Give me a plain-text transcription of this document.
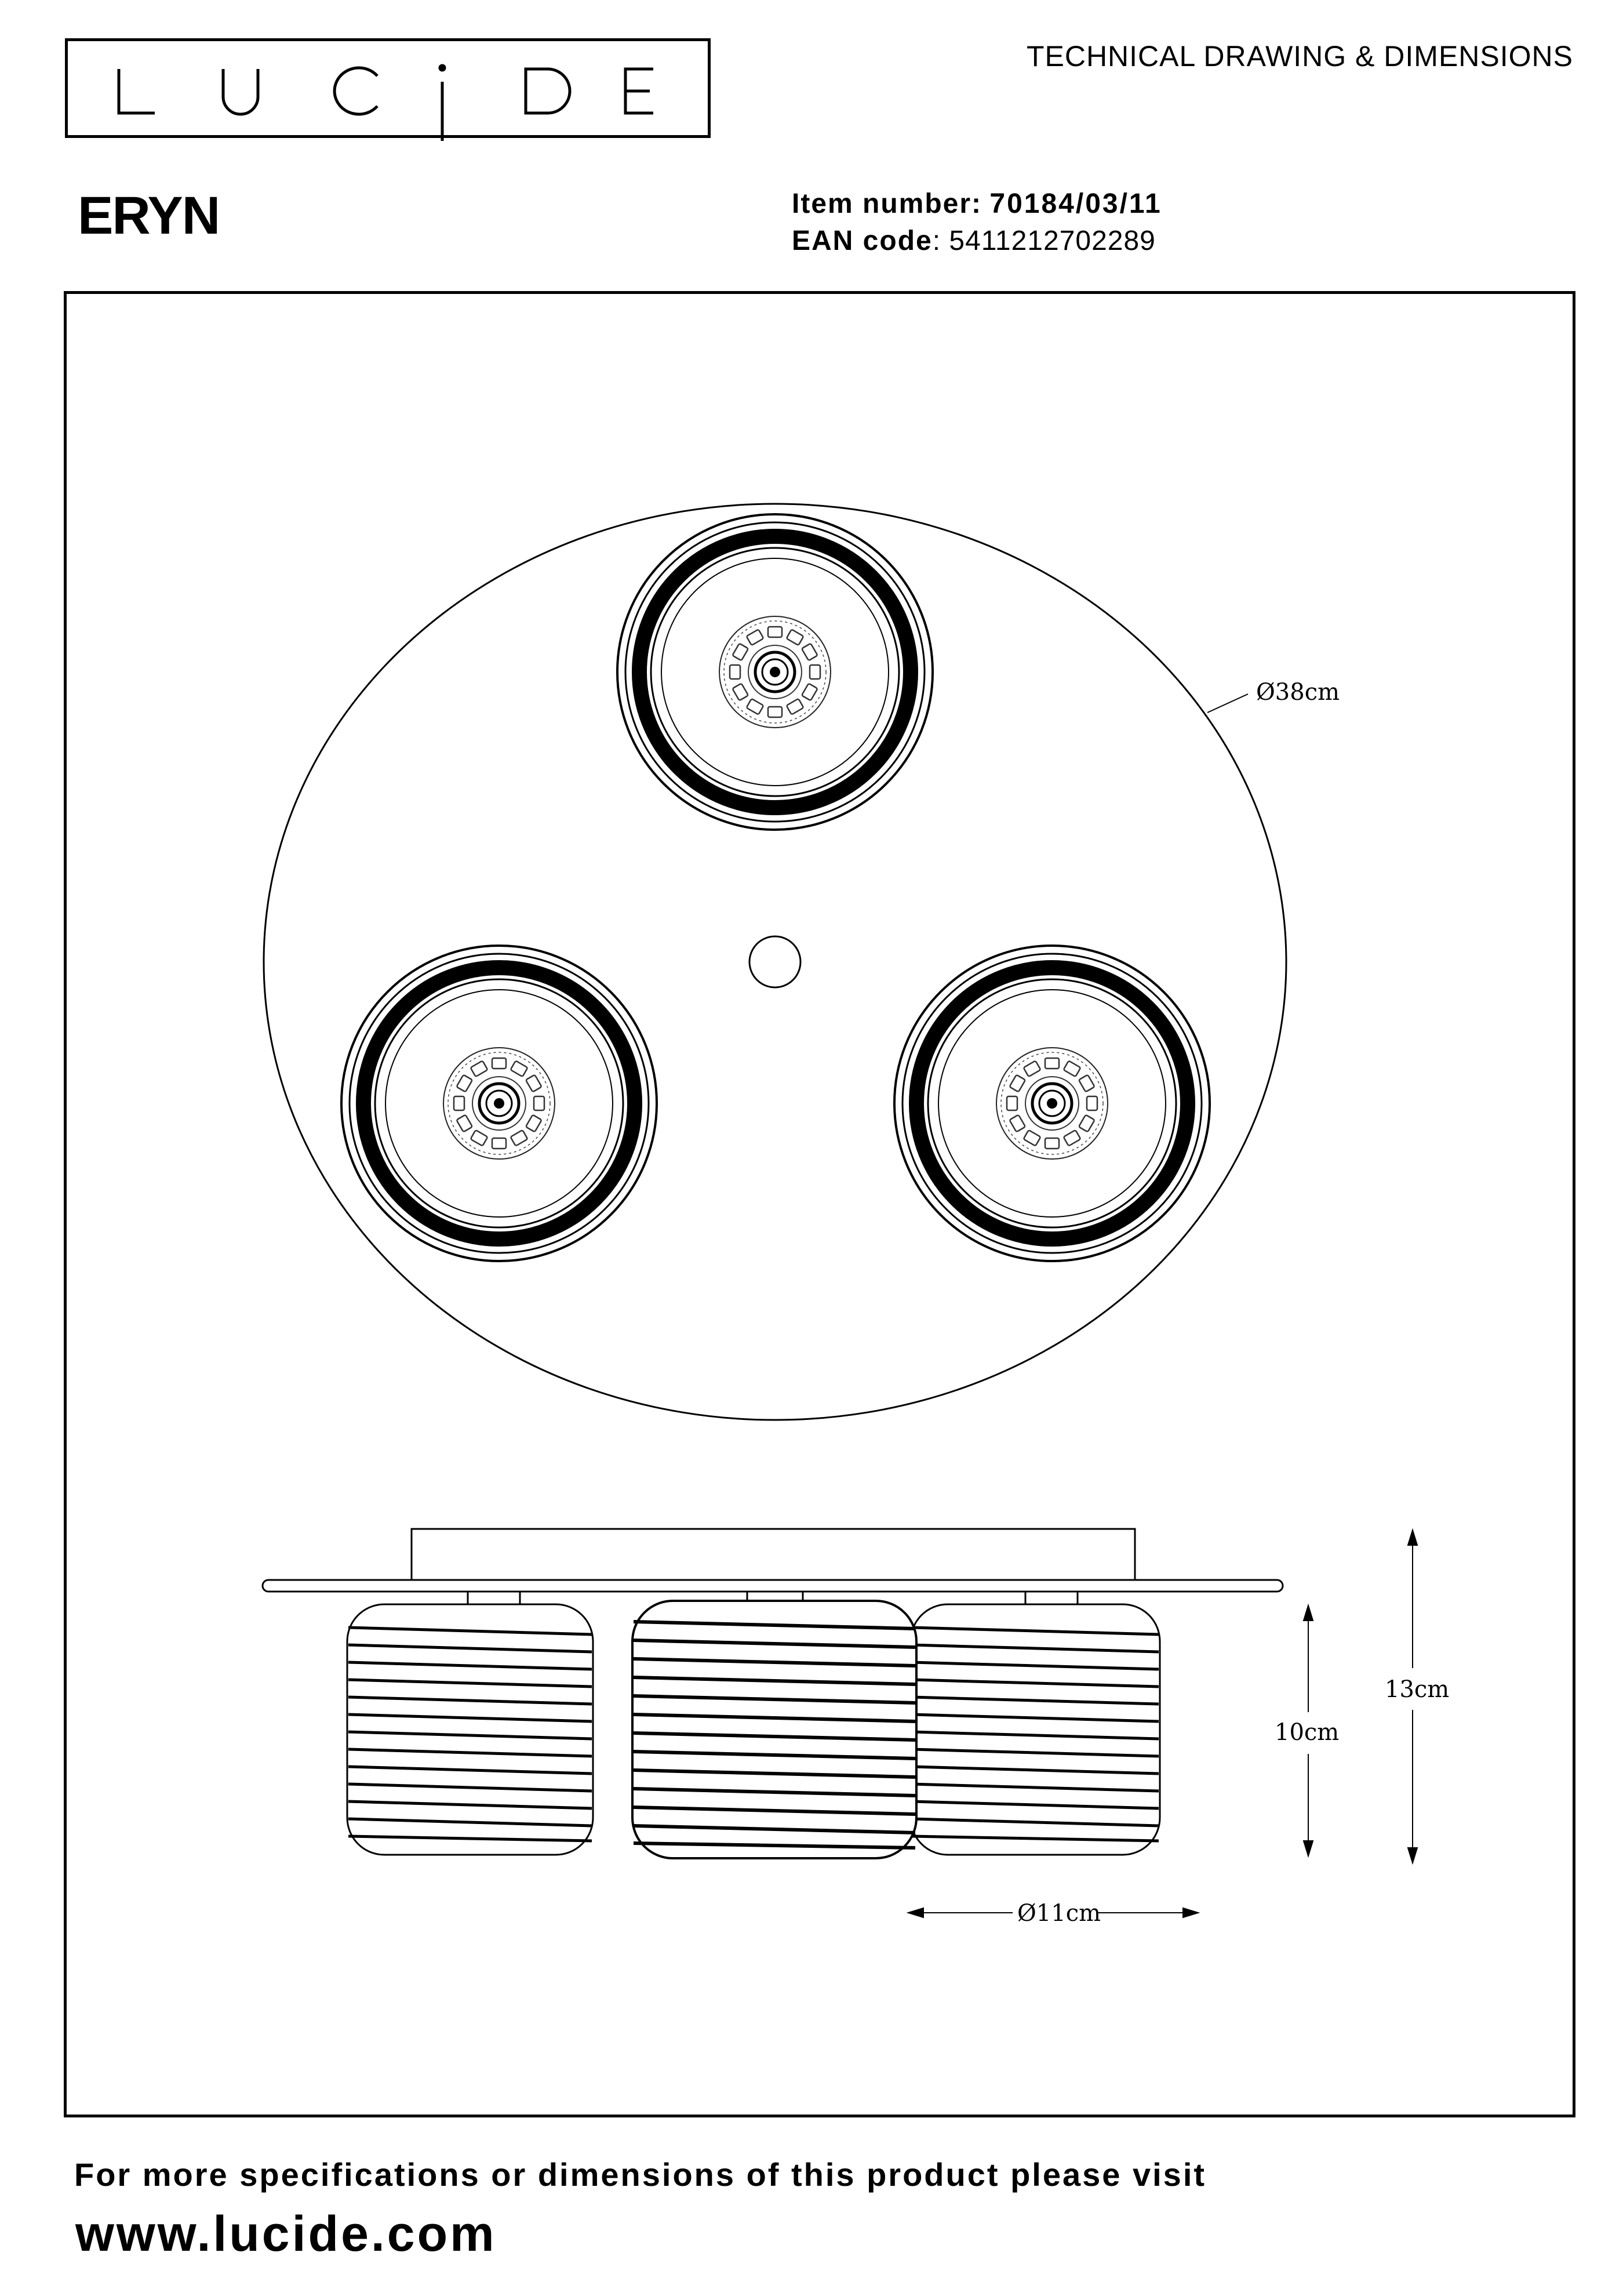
TECHNICAL DRAWING & DIMENSIONS
ERYN	Item number: 70184/03/11
EAN code: 5411212702289
Ø38cm
10cm
13cm
Ø11cm
For more specifications or dimensions of this product please visit
www.lucide.com
